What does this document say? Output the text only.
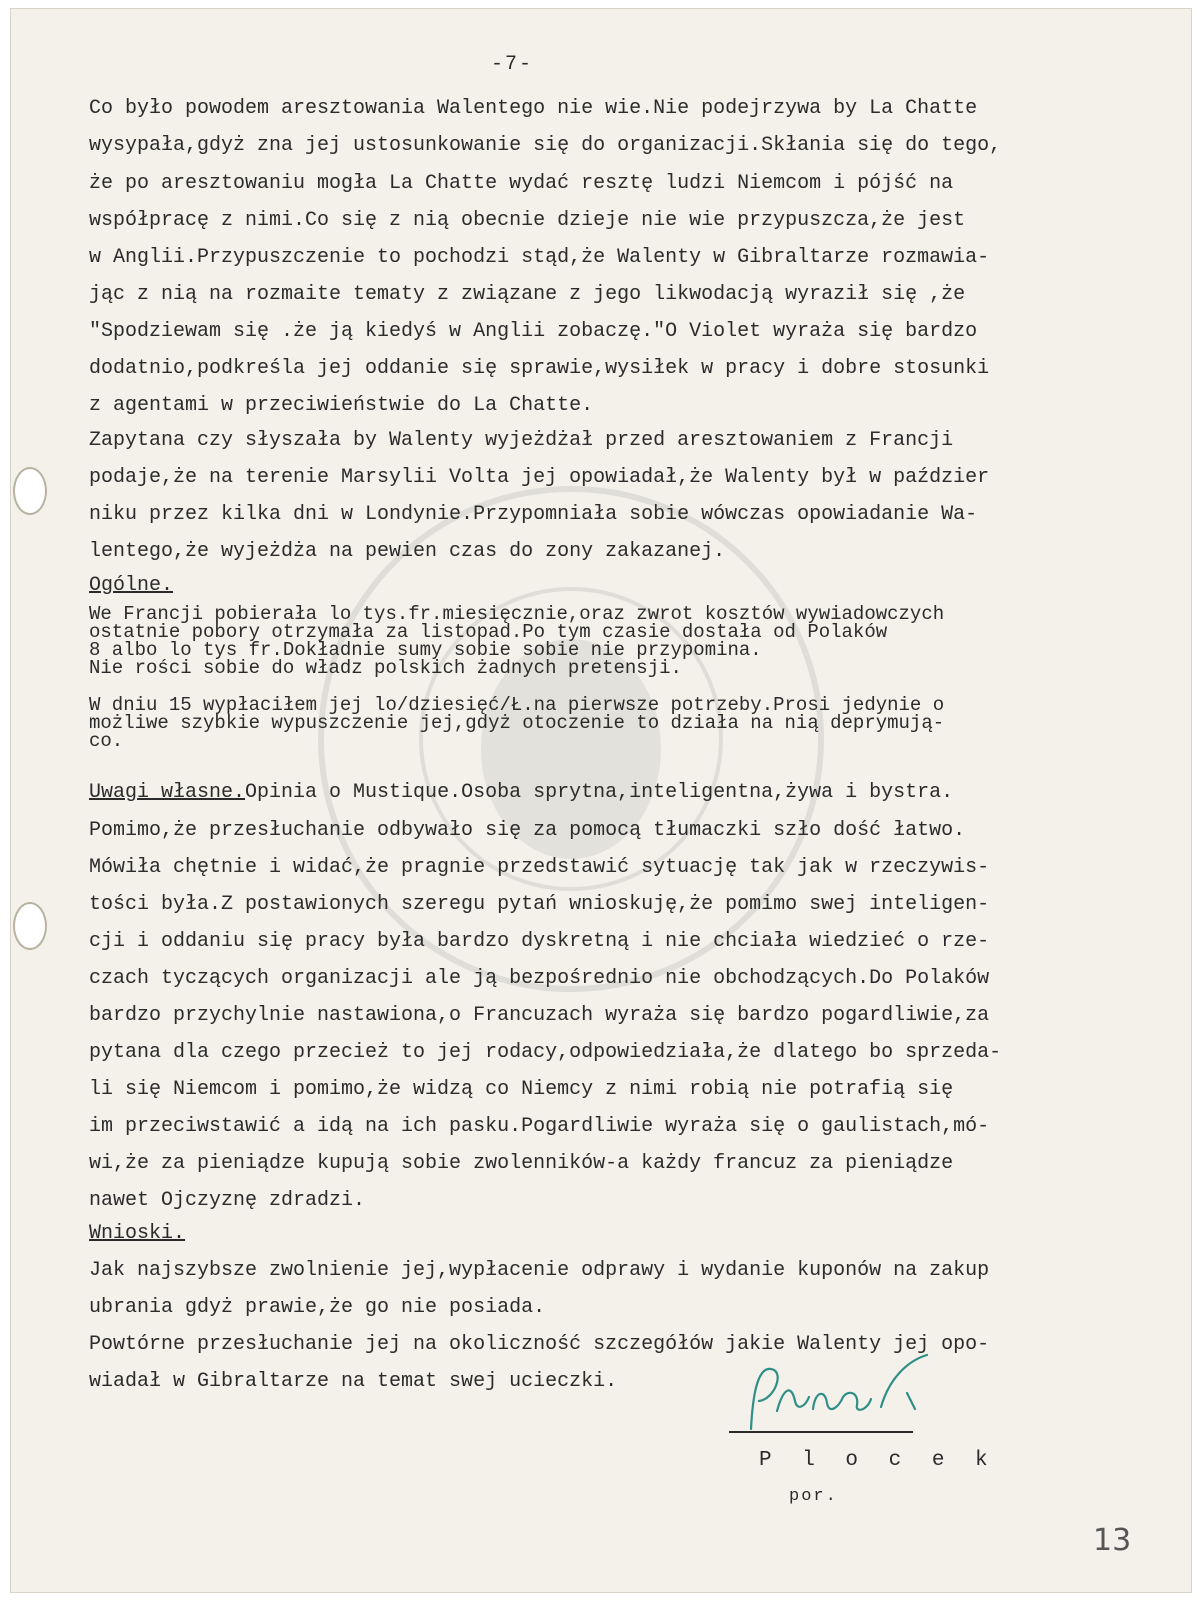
-7-
Co było powodem aresztowania Walentego nie wie.Nie podejrzywa by La Chatte
wysypała,gdyż zna jej ustosunkowanie się do organizacji.Skłania się do tego,
że po aresztowaniu mogła La Chatte wydać resztę ludzi Niemcom i pójść na
współpracę z nimi.Co się z nią obecnie dzieje nie wie przypuszcza,że jest
w Anglii.Przypuszczenie to pochodzi stąd,że Walenty w Gibraltarze rozmawia-
jąc z nią na rozmaite tematy z związane z jego likwodacją wyraził się ,że
"Spodziewam się .że ją kiedyś w Anglii zobaczę."O Violet wyraża się bardzo
dodatnio,podkreśla jej oddanie się sprawie,wysiłek w pracy i dobre stosunki
z agentami w przeciwieństwie do La Chatte.
Zapytana czy słyszała by Walenty wyjeżdżał przed aresztowaniem z Francji
podaje,że na terenie Marsylii Volta jej opowiadał,że Walenty był w paździer
niku przez kilka dni w Londynie.Przypomniała sobie wówczas opowiadanie Wa-
lentego,że wyjeżdża na pewien czas do zony zakazanej.
Ogólne.
We Francji pobierała lo tys.fr.miesięcznie,oraz zwrot kosztów wywiadowczych
ostatnie pobory otrzymała za listopad.Po tym czasie dostała od Polaków
8 albo lo tys fr.Dokładnie sumy sobie sobie nie przypomina.
Nie rości sobie do władz polskich żadnych pretensji.
W dniu 15 wypłaciłem jej lo/dziesięć/Ł.na pierwsze potrzeby.Prosi jedynie o
możliwe szybkie wypuszczenie jej,gdyż otoczenie to działa na nią deprymują-
co.
Uwagi własne.Opinia o Mustique.Osoba sprytna,inteligentna,żywa i bystra.
Pomimo,że przesłuchanie odbywało się za pomocą tłumaczki szło dość łatwo.
Mówiła chętnie i widać,że pragnie przedstawić sytuację tak jak w rzeczywis-
tości była.Z postawionych szeregu pytań wnioskuję,że pomimo swej inteligen-
cji i oddaniu się pracy była bardzo dyskretną i nie chciała wiedzieć o rze-
czach tyczących organizacji ale ją bezpośrednio nie obchodzących.Do Polaków
bardzo przychylnie nastawiona,o Francuzach wyraża się bardzo pogardliwie,za
pytana dla czego przecież to jej rodacy,odpowiedziała,że dlatego bo sprzeda-
li się Niemcom i pomimo,że widzą co Niemcy z nimi robią nie potrafią się
im przeciwstawić a idą na ich pasku.Pogardliwie wyraża się o gaulistach,mó-
wi,że za pieniądze kupują sobie zwolenników-a każdy francuz za pieniądze
nawet Ojczyznę zdradzi.
Wnioski.
Jak najszybsze zwolnienie jej,wypłacenie odprawy i wydanie kuponów na zakup
ubrania gdyż prawie,że go nie posiada.
Powtórne przesłuchanie jej na okoliczność szczegółów jakie Walenty jej opo-
wiadał w Gibraltarze na temat swej ucieczki.
P l o c e k
por.
13
